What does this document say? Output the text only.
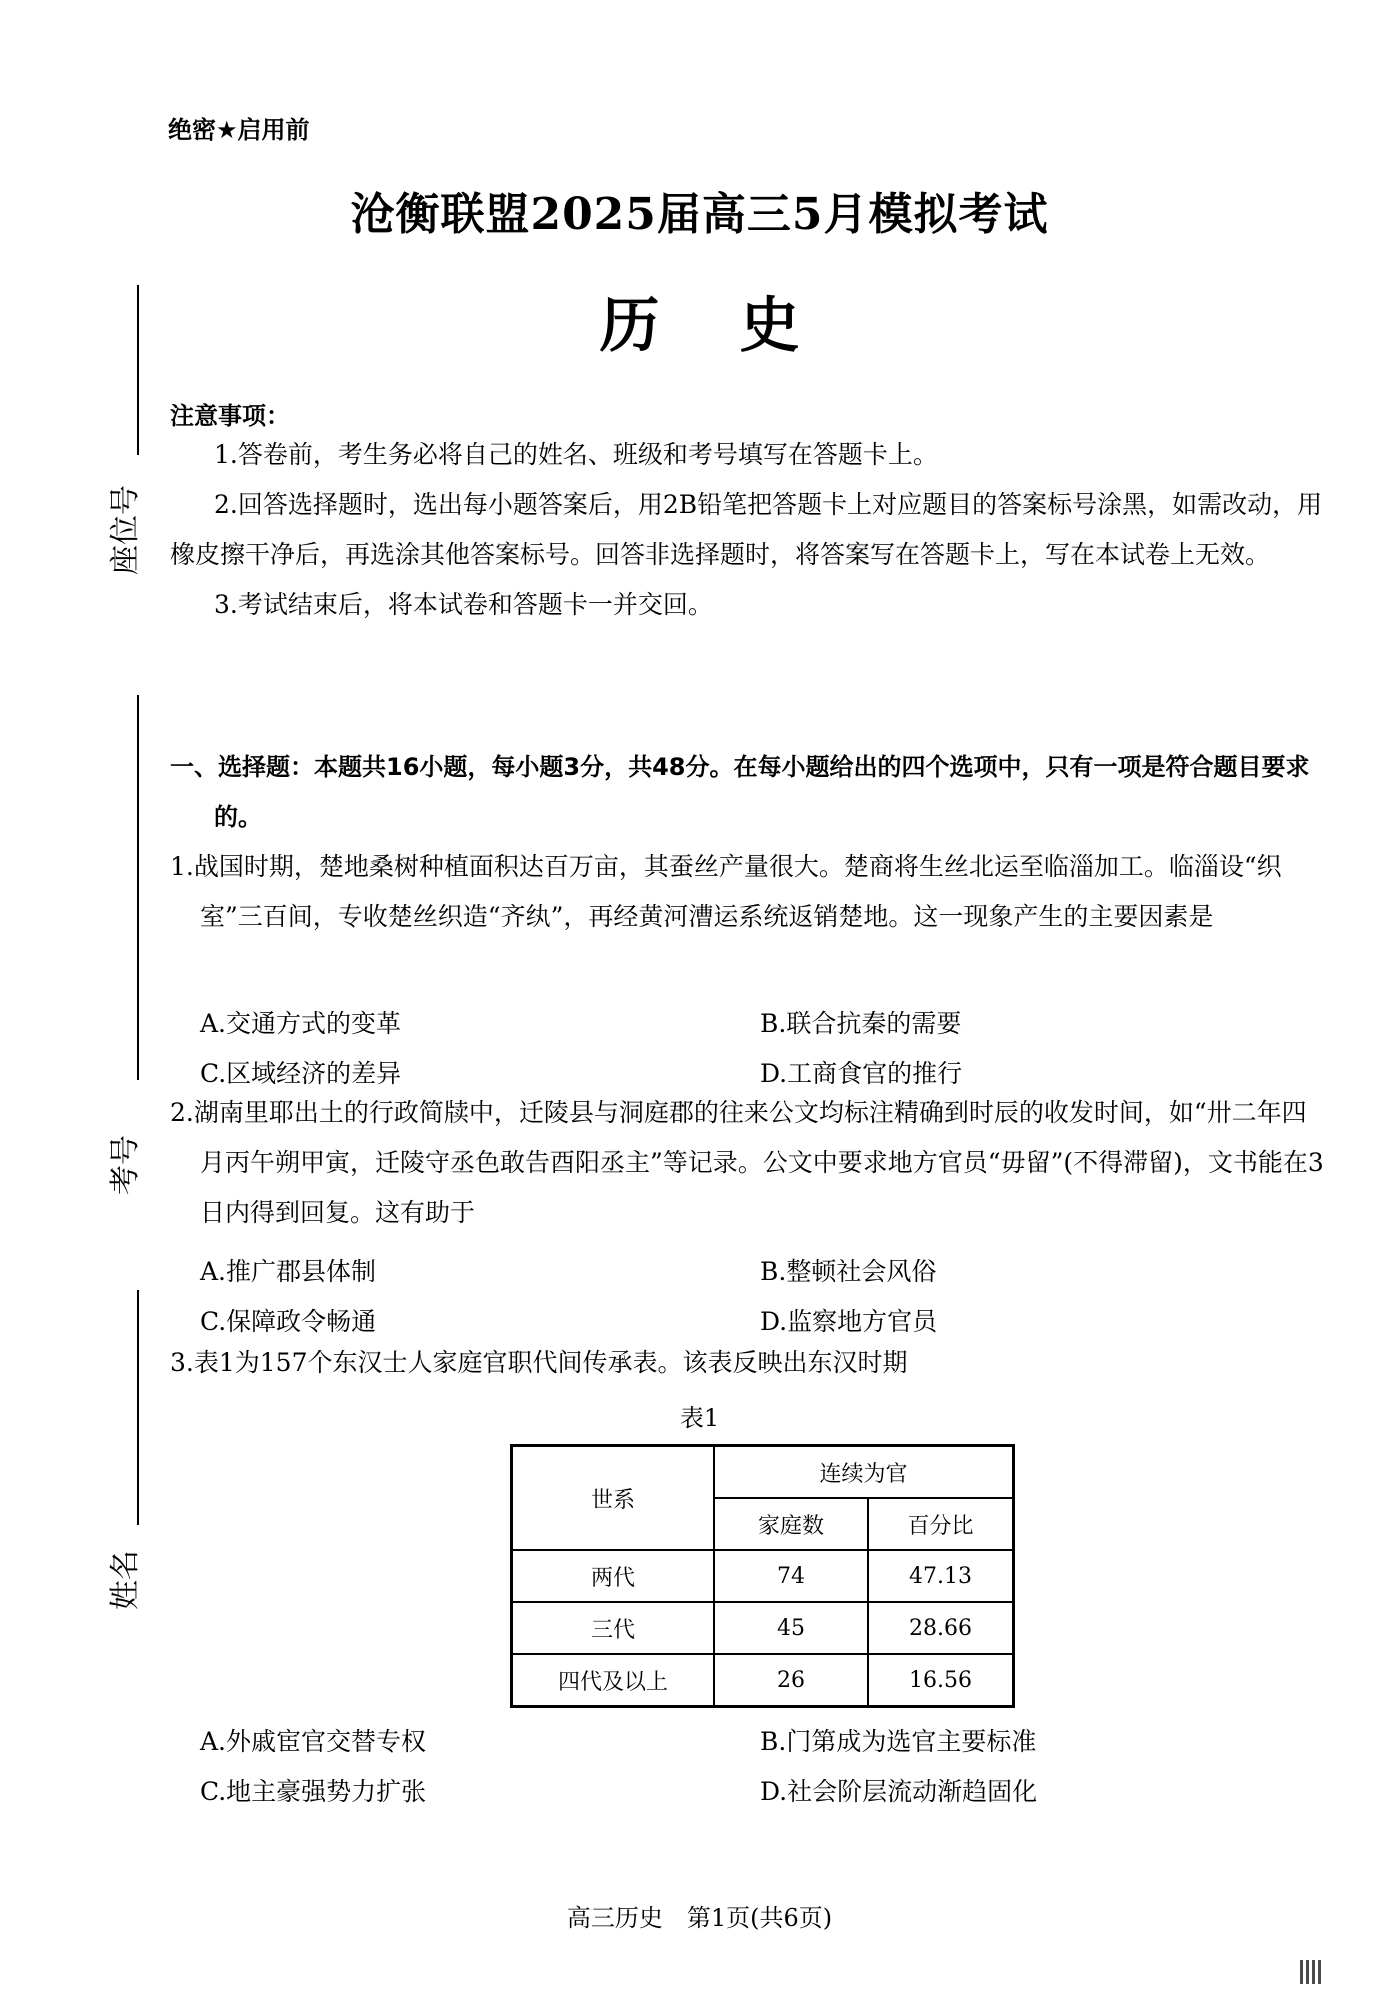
绝密★启用前
沧衡联盟2025届高三5月模拟考试
历 史
座位号
考号
姓名
注意事项：
1.答卷前，考生务必将自己的姓名、班级和考号填写在答题卡上。
2.回答选择题时，选出每小题答案后，用2B铅笔把答题卡上对应题目的答案标号涂黑，如需改动，用橡皮擦干净后，再选涂其他答案标号。回答非选择题时，将答案写在答题卡上，写在本试卷上无效。
3.考试结束后，将本试卷和答题卡一并交回。
一、选择题：本题共16小题，每小题3分，共48分。在每小题给出的四个选项中，只有一项是符合题目要求的。
1.战国时期，楚地桑树种植面积达百万亩，其蚕丝产量很大。楚商将生丝北运至临淄加工。临淄设“织室”三百间，专收楚丝织造“齐纨”，再经黄河漕运系统返销楚地。这一现象产生的主要因素是
A.交通方式的变革	B.联合抗秦的需要
C.区域经济的差异	D.工商食官的推行
2.湖南里耶出土的行政简牍中，迁陵县与洞庭郡的往来公文均标注精确到时辰的收发时间，如“卅二年四月丙午朔甲寅，迁陵守丞色敢告酉阳丞主”等记录。公文中要求地方官员“毋留”(不得滞留)，文书能在3日内得到回复。这有助于
A.推广郡县体制	B.整顿社会风俗
C.保障政令畅通	D.监察地方官员
3.表1为157个东汉士人家庭官职代间传承表。该表反映出东汉时期
表1
世系	连续为官	
	家庭数	百分比
两代	74	47.13
三代	45	28.66
四代及以上	26	16.56
A.外戚宦官交替专权	B.门第成为选官主要标准
C.地主豪强势力扩张	D.社会阶层流动渐趋固化
高三历史　第1页(共6页)
